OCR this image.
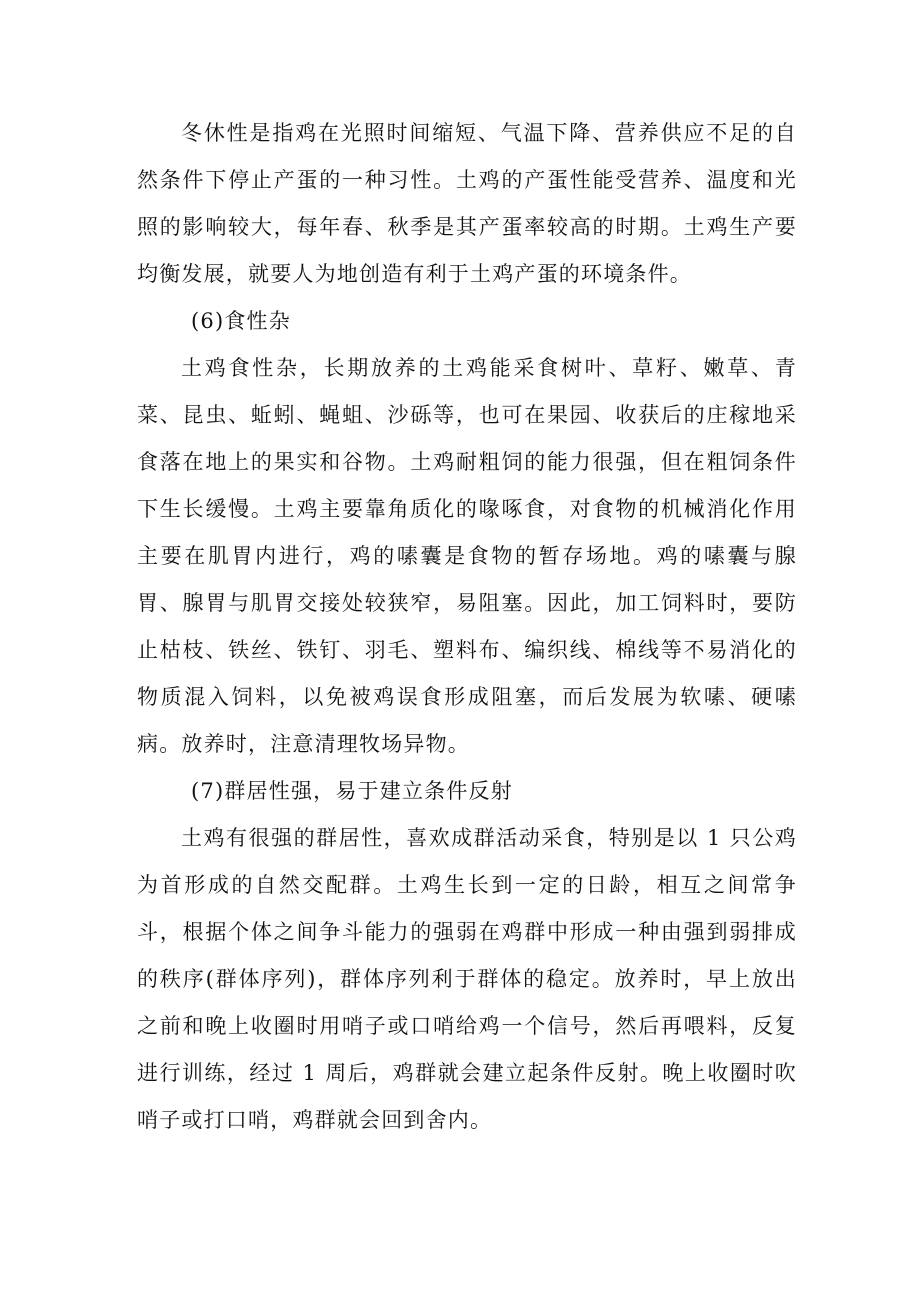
冬休性是指鸡在光照时间缩短、气温下降、营养供应不足的自然条件下停止产蛋的一种习性。土鸡的产蛋性能受营养、温度和光照的影响较大，每年春、秋季是其产蛋率较高的时期。土鸡生产要均衡发展，就要人为地创造有利于土鸡产蛋的环境条件。

(6)食性杂

土鸡食性杂，长期放养的土鸡能采食树叶、草籽、嫩草、青菜、昆虫、蚯蚓、蝇蛆、沙砾等，也可在果园、收获后的庄稼地采食落在地上的果实和谷物。土鸡耐粗饲的能力很强，但在粗饲条件下生长缓慢。土鸡主要靠角质化的喙啄食，对食物的机械消化作用主要在肌胃内进行，鸡的嗉囊是食物的暂存场地。鸡的嗉囊与腺胃、腺胃与肌胃交接处较狭窄，易阻塞。因此，加工饲料时，要防止枯枝、铁丝、铁钉、羽毛、塑料布、编织线、棉线等不易消化的物质混入饲料，以免被鸡误食形成阻塞，而后发展为软嗉、硬嗉病。放养时，注意清理牧场异物。

(7)群居性强，易于建立条件反射

土鸡有很强的群居性，喜欢成群活动采食，特别是以 1 只公鸡为首形成的自然交配群。土鸡生长到一定的日龄，相互之间常争斗，根据个体之间争斗能力的强弱在鸡群中形成一种由强到弱排成的秩序(群体序列)，群体序列利于群体的稳定。放养时，早上放出之前和晚上收圈时用哨子或口哨给鸡一个信号，然后再喂料，反复进行训练，经过 1 周后，鸡群就会建立起条件反射。晚上收圈时吹哨子或打口哨，鸡群就会回到舍内。
